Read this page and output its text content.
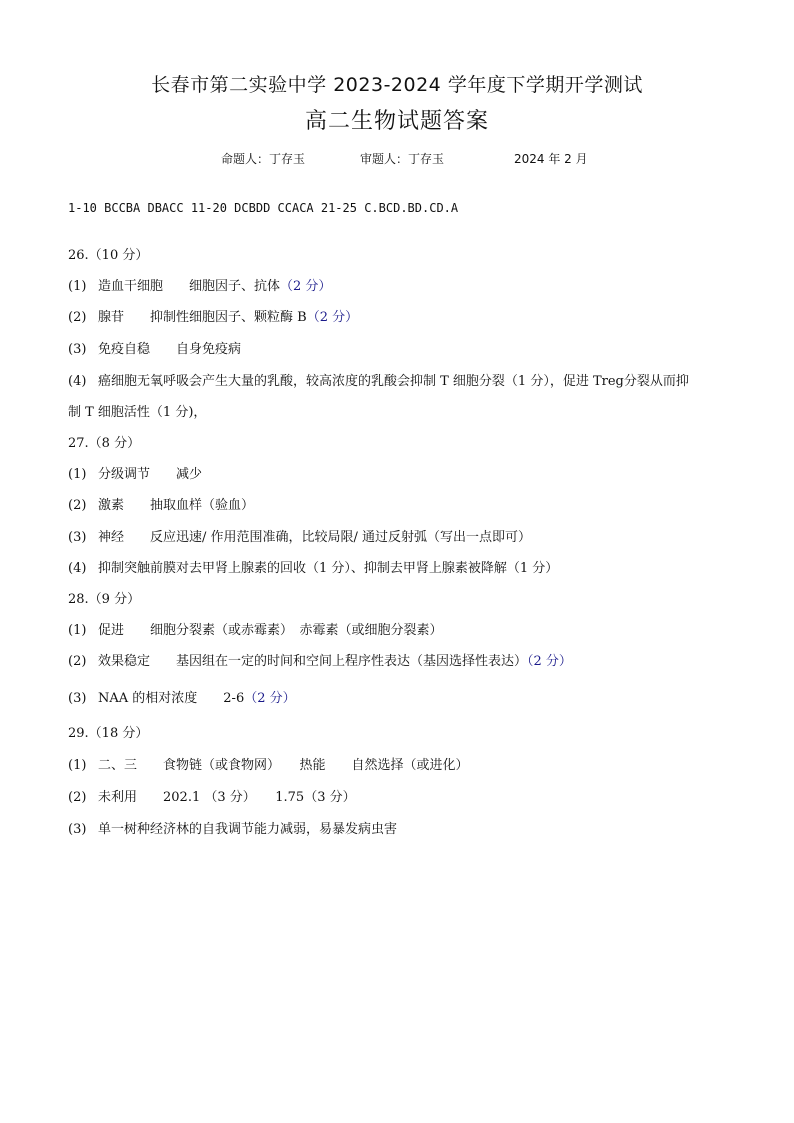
长春市第二实验中学 2023-2024 学年度下学期开学测试
高二生物试题答案
命题人：丁存玉	审题人：丁存玉	2024 年 2 月
1-10 BCCBA DBACC 11-20 DCBDD CCACA 21-25 C.BCD.BD.CD.A
26.（10 分）
(1) 造血干细胞　　细胞因子、抗体（2 分）
(2) 腺苷　　抑制性细胞因子、颗粒酶 B（2 分）
(3) 免疫自稳　　自身免疫病
(4) 癌细胞无氧呼吸会产生大量的乳酸，较高浓度的乳酸会抑制 T 细胞分裂（1 分），促进 Treg分裂从而抑
制 T 细胞活性（1 分)，
27.（8 分）
(1) 分级调节　　减少
(2) 激素　　抽取血样（验血）
(3) 神经　　反应迅速/ 作用范围准确，比较局限/ 通过反射弧（写出一点即可）
(4) 抑制突触前膜对去甲肾上腺素的回收（1 分）、抑制去甲肾上腺素被降解（1 分）
28.（9 分）
(1) 促进　　细胞分裂素（或赤霉素）　赤霉素（或细胞分裂素）
(2) 效果稳定　　基因组在一定的时间和空间上程序性表达（基因选择性表达）（2 分）
(3) NAA 的相对浓度　　2-6（2 分）
29.（18 分）
(1) 二、三　　食物链（或食物网）　　热能　　自然选择（或进化）
(2) 未利用　　202.1 （3 分）　　1.75（3 分）
(3) 单一树种经济林的自我调节能力减弱，易暴发病虫害
